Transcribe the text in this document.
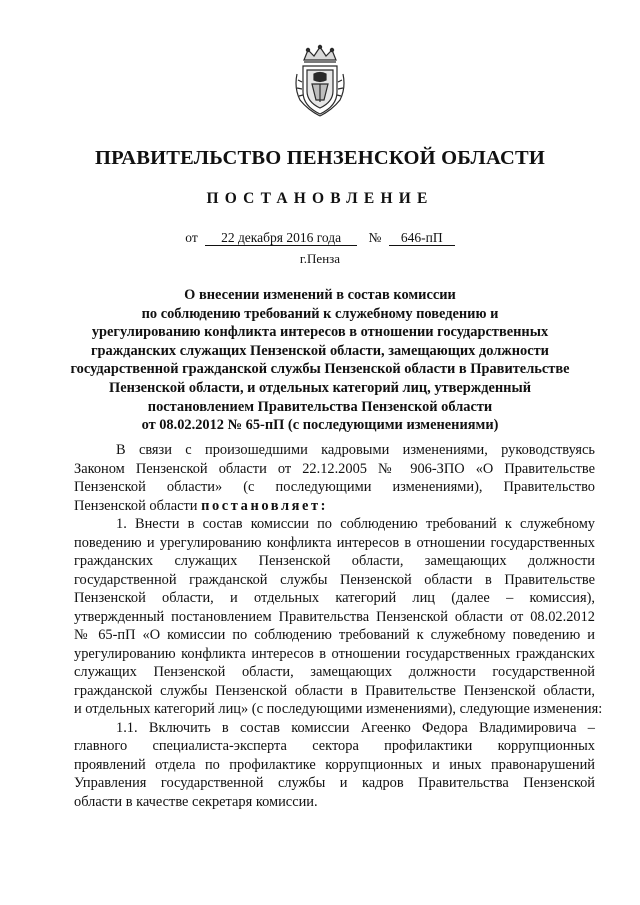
ПРАВИТЕЛЬСТВО ПЕНЗЕНСКОЙ ОБЛАСТИ
ПОСТАНОВЛЕНИЕ
от 22 декабря 2016 года № 646-пП
г.Пенза
О внесении изменений в состав комиссии
по соблюдению требований к служебному поведению и
урегулированию конфликта интересов в отношении государственных
гражданских служащих Пензенской области, замещающих должности
государственной гражданской службы Пензенской области в Правительстве
Пензенской области, и отдельных категорий лиц, утвержденный
постановлением Правительства Пензенской области
от 08.02.2012 № 65-пП (с последующими изменениями)
В связи с произошедшими кадровыми изменениями, руководствуясь
Законом Пензенской области от 22.12.2005 № 906-ЗПО «О Правительстве
Пензенской области» (с последующими изменениями), Правительство
Пензенской области постановляет:
1. Внести в состав комиссии по соблюдению требований к служебному
поведению и урегулированию конфликта интересов в отношении государственных
гражданских служащих Пензенской области, замещающих должности
государственной гражданской службы Пензенской области в Правительстве
Пензенской области, и отдельных категорий лиц (далее – комиссия),
утвержденный постановлением Правительства Пензенской области от 08.02.2012
№ 65-пП «О комиссии по соблюдению требований к служебному поведению и
урегулированию конфликта интересов в отношении государственных гражданских
служащих Пензенской области, замещающих должности государственной
гражданской службы Пензенской области в Правительстве Пензенской области,
и отдельных категорий лиц» (с последующими изменениями), следующие изменения:
1.1. Включить в состав комиссии Агеенко Федора Владимировича –
главного специалиста-эксперта сектора профилактики коррупционных
проявлений отдела по профилактике коррупционных и иных правонарушений
Управления государственной службы и кадров Правительства Пензенской
области в качестве секретаря комиссии.
